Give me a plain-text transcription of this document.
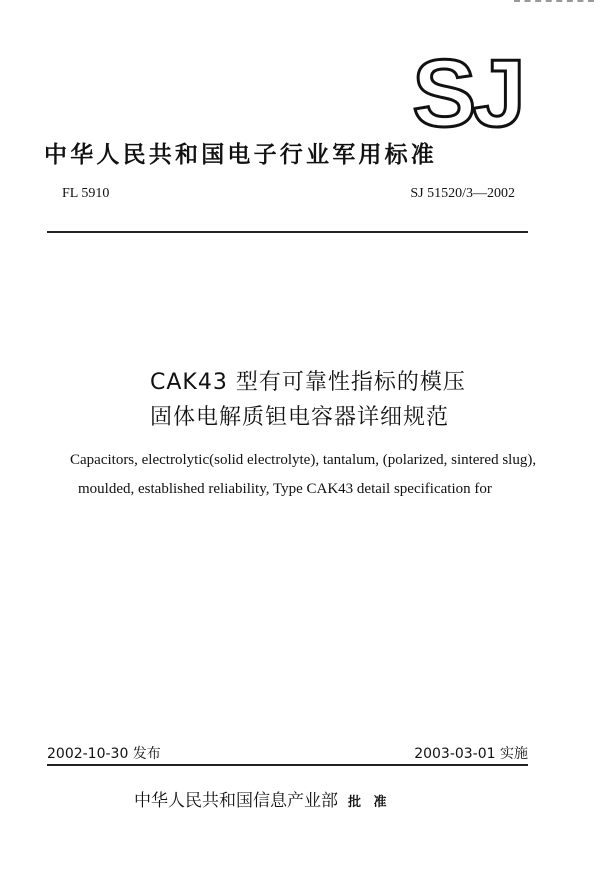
SJ
中华人民共和国电子行业军用标准
FL 5910	SJ 51520/3—2002
CAK43 型有可靠性指标的模压
固体电解质钽电容器详细规范
Capacitors, electrolytic(solid electrolyte), tantalum, (polarized, sintered slug),
moulded, established reliability, Type CAK43 detail specification for
2002-10-30 发布	2003-03-01 实施
中华人民共和国信息产业部 批 准
